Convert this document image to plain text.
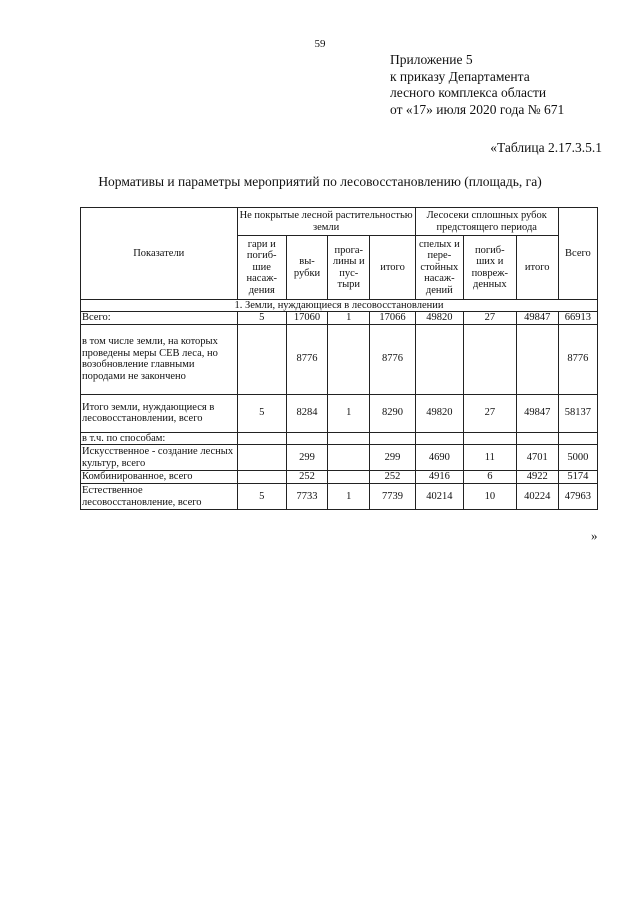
59
Приложение 5
к приказу Департамента
лесного комплекса области
от «17» июля 2020 года № 671
«Таблица 2.17.3.5.1
Нормативы и параметры мероприятий по лесовосстановлению (площадь, га)
Показатели	Не покрытые лесной растительностью земли				Лесосеки сплошных рубок предстоящего периода			Всего
	гари и погиб- шие насаж- дения	вы- рубки	прога- лины и пус- тыри	итого	спелых и пере- стойных насаж- дений	погиб- ших и повреж- денных	итого	
1. Земли, нуждающиеся в лесовосстановлении								
Всего:	5	17060	1	17066	49820	27	49847	66913
в том числе земли, на которых проведены меры СЕВ леса, но возобновление главными породами не закончено		8776		8776				8776
Итого земли, нуждающиеся в лесовосстановлении, всего	5	8284	1	8290	49820	27	49847	58137
в т.ч. по способам:								
Искусственное - создание лесных культур, всего		299		299	4690	11	4701	5000
Комбинированное, всего		252		252	4916	6	4922	5174
Естественное лесовосстановление, всего	5	7733	1	7739	40214	10	40224	47963
»
